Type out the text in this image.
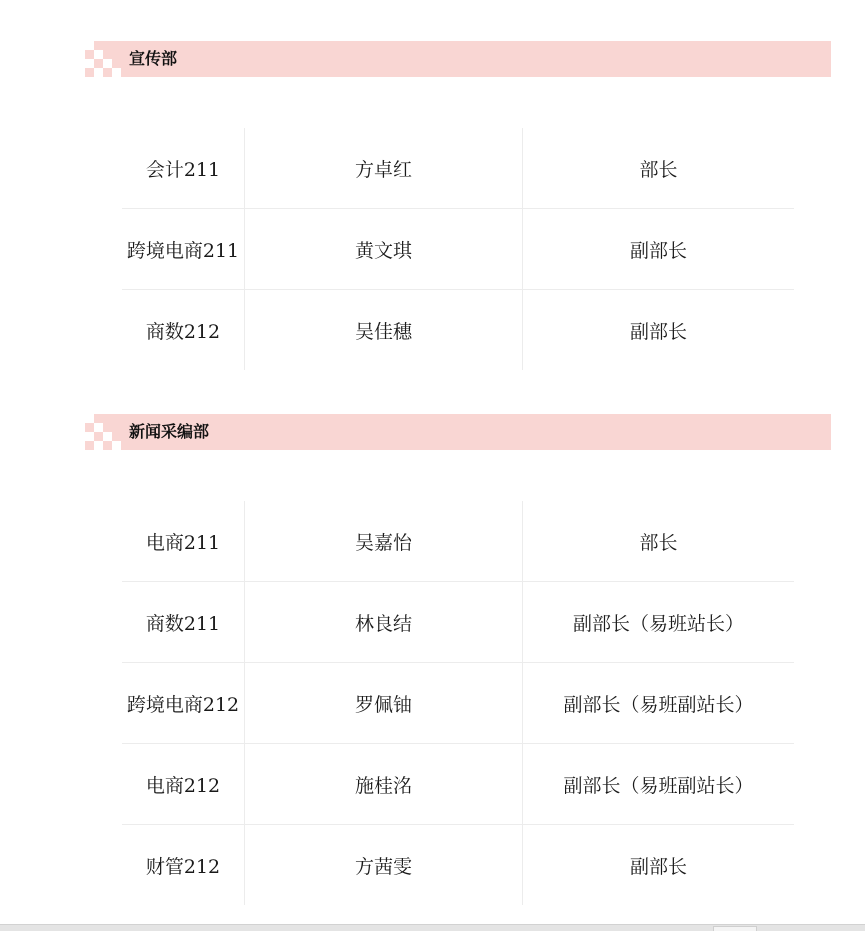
宣传部
会计211	方卓红	部长
跨境电商211	黄文琪	副部长
商数212	吴佳穗	副部长
新闻采编部
电商211	吴嘉怡	部长
商数211	林良结	副部长（易班站长）
跨境电商212	罗佩铀	副部长（易班副站长）
电商212	施桂洺	副部长（易班副站长）
财管212	方茜雯	副部长
